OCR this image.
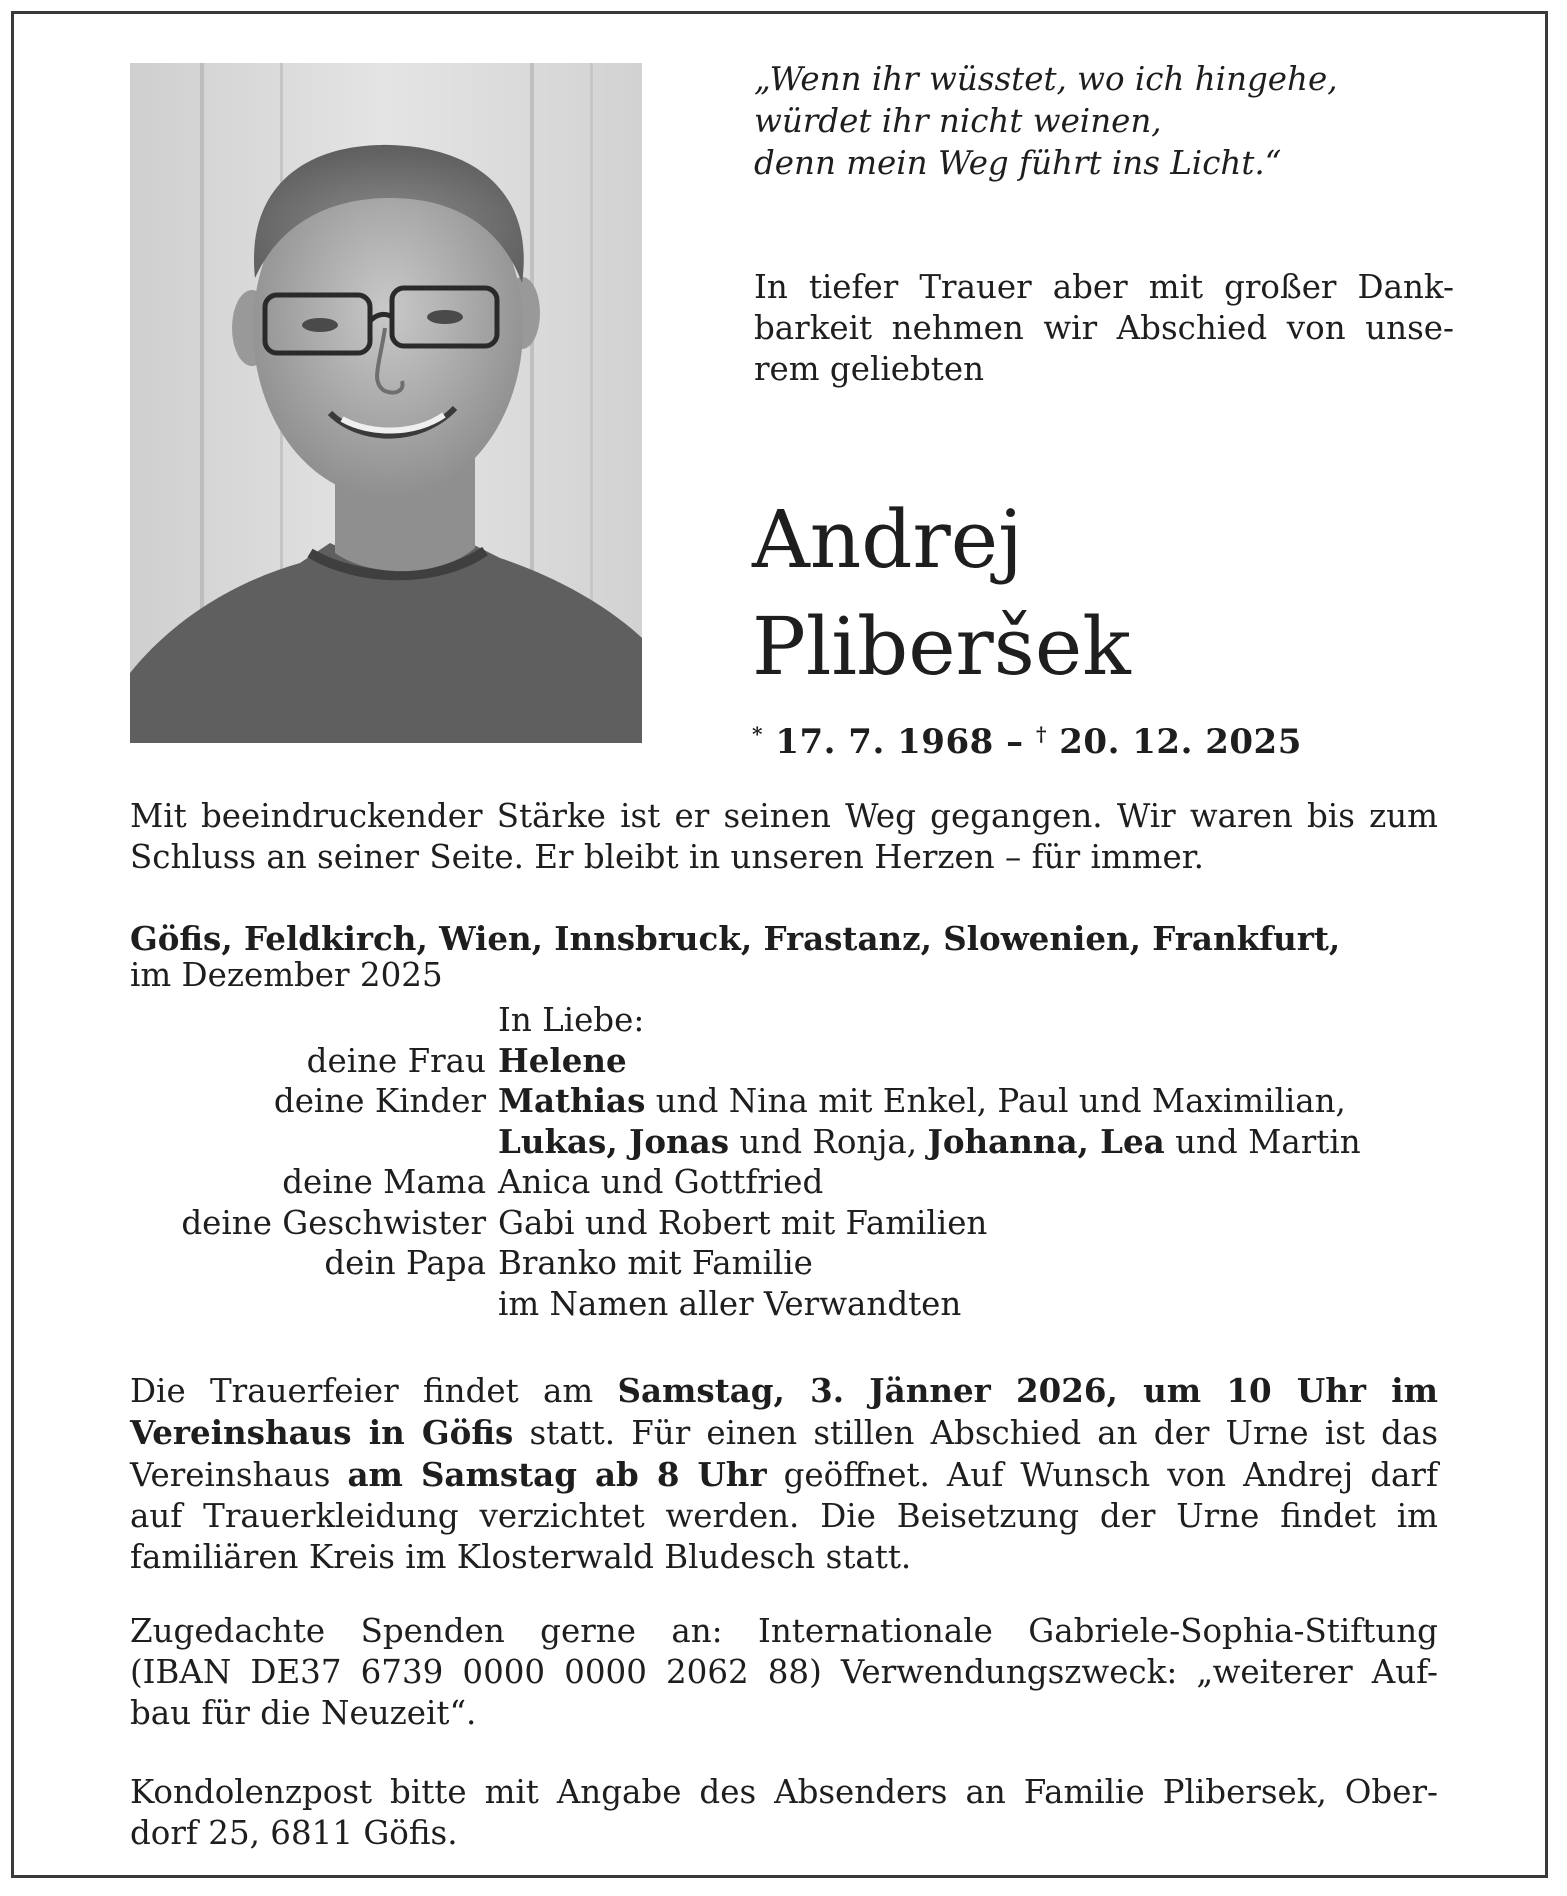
„Wenn ihr wüsstet, wo ich hingehe,
würdet ihr nicht weinen,
denn mein Weg führt ins Licht.“
In tiefer Trauer aber mit großer Dank-
barkeit nehmen wir Abschied von unse-
rem geliebten
Andrej
Pliberšek
* 17. 7. 1968 – † 20. 12. 2025
Mit beeindruckender Stärke ist er seinen Weg gegangen. Wir waren bis zum
Schluss an seiner Seite. Er bleibt in unseren Herzen – für immer.
Göfis, Feldkirch, Wien, Innsbruck, Frastanz, Slowenien, Frankfurt,
im Dezember 2025
In Liebe:
deine Frau Helene
deine Kinder Mathias und Nina mit Enkel, Paul und Maximilian,
Lukas, Jonas und Ronja, Johanna, Lea und Martin
deine Mama Anica und Gottfried
deine Geschwister Gabi und Robert mit Familien
dein Papa Branko mit Familie
im Namen aller Verwandten
Die Trauerfeier findet am Samstag, 3. Jänner 2026, um 10 Uhr im
Vereinshaus in Göfis statt. Für einen stillen Abschied an der Urne ist das
Vereinshaus am Samstag ab 8 Uhr geöffnet. Auf Wunsch von Andrej darf
auf Trauerkleidung verzichtet werden. Die Beisetzung der Urne findet im
familiären Kreis im Klosterwald Bludesch statt.
Zugedachte Spenden gerne an: Internationale Gabriele-Sophia-Stiftung
(IBAN DE37 6739 0000 0000 2062 88) Verwendungszweck: „weiterer Auf-
bau für die Neuzeit“.
Kondolenzpost bitte mit Angabe des Absenders an Familie Plibersek, Ober-
dorf 25, 6811 Göfis.
